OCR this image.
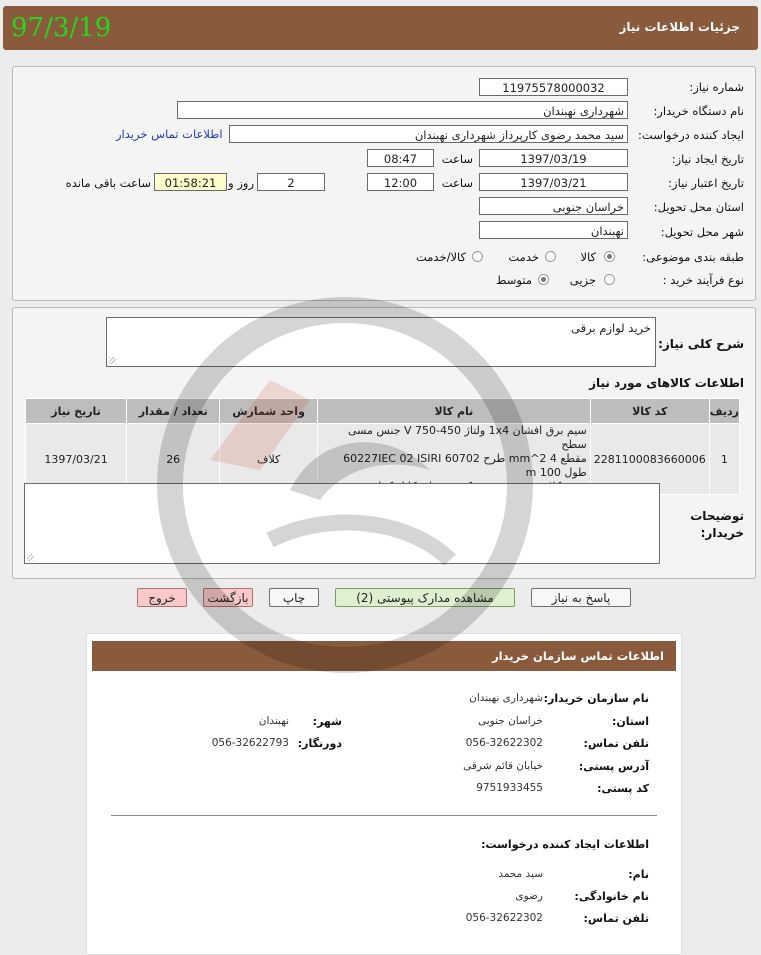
97/3/19	جزئیات اطلاعات نیاز
شماره نیاز:
11975578000032
نام دستگاه خریدار:
شهرداری نهبندان
ایجاد کننده درخواست:
سید محمد رضوی کارپرداز شهرداری نهبندان
اطلاعات تماس خریدار
تاریخ ایجاد نیاز:
1397/03/19
ساعت
08:47
تاریخ اعتبار نیاز:
1397/03/21
ساعت
12:00
2
روز و
01:58:21
ساعت باقی مانده
استان محل تحویل:
خراسان جنوبی
شهر محل تحویل:
نهبندان
طبقه بندی موضوعی:
کالا
خدمت
کالا/خدمت
نوع فرآیند خرید :
جزیی
متوسط
شرح کلی نیاز:
خرید لوازم برقی
اطلاعات کالاهای مورد نیاز
تاریخ نیاز	تعداد / مقدار	واحد شمارش	نام کالا	کد کالا	ردیف
1397/03/21	26	کلاف	سیم برق افشان 1x4 ولتاژ 450-750 V جنس مسی سطح
مقطع 4 mm^2 طرح 60227IEC 02 ISIRI 60702 طول 100 m	2281100083660006	1
توضیحات خریدار:
پاسخ به نیاز
مشاهده مدارک پیوستی (2)
چاپ
بازگشت
خروج
اطلاعات تماس سازمان خریدار
نام سازمان خریدار:
شهرداری نهبندان
استان:
خراسان جنوبی
شهر:
نهبندان
تلفن تماس:
056-32622302
دورنگار:
056-32622793
آدرس پستی:
خیابان قائم شرقی
کد پستی:
9751933455
اطلاعات ایجاد کننده درخواست:
نام:
سید محمد
نام خانوادگی:
رضوی
تلفن تماس:
056-32622302
